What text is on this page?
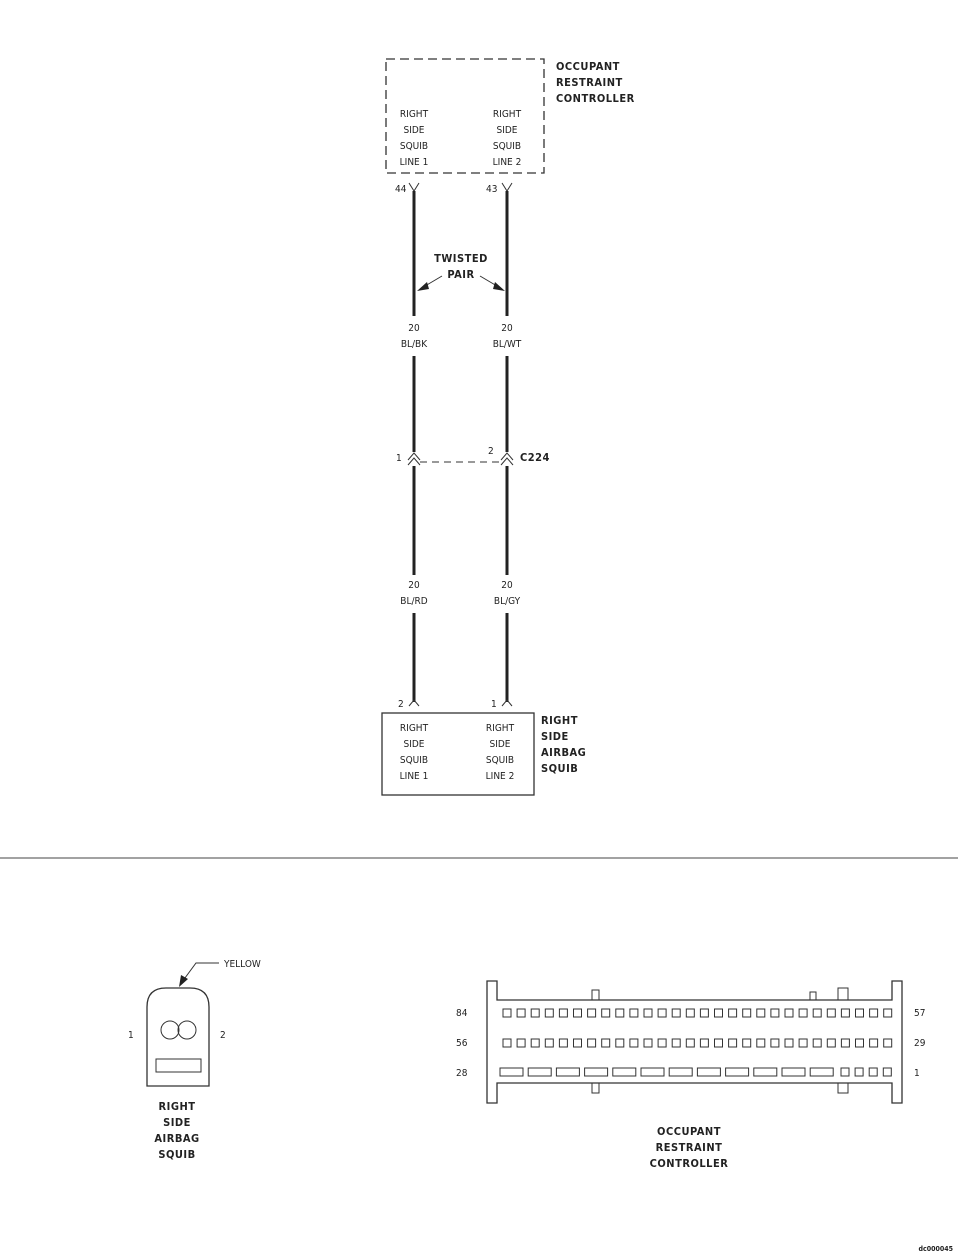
OCCUPANT
RESTRAINT
CONTROLLER
RIGHT
SIDE
SQUIB
LINE 1
RIGHT
SIDE
SQUIB
LINE 2
44	43
TWISTED
PAIR
20
BL/BK
20
BL/WT
1
2 C224
20
BL/RD
20
BL/GY
2	1
RIGHT
SIDE
SQUIB
LINE 1
RIGHT
SIDE
SQUIB
LINE 2
RIGHT
SIDE
AIRBAG
SQUIB
1	2
YELLOW
RIGHT
SIDE
AIRBAG
SQUIB
84
56
28
57
29
1
OCCUPANT
RESTRAINT
CONTROLLER
dc000045
